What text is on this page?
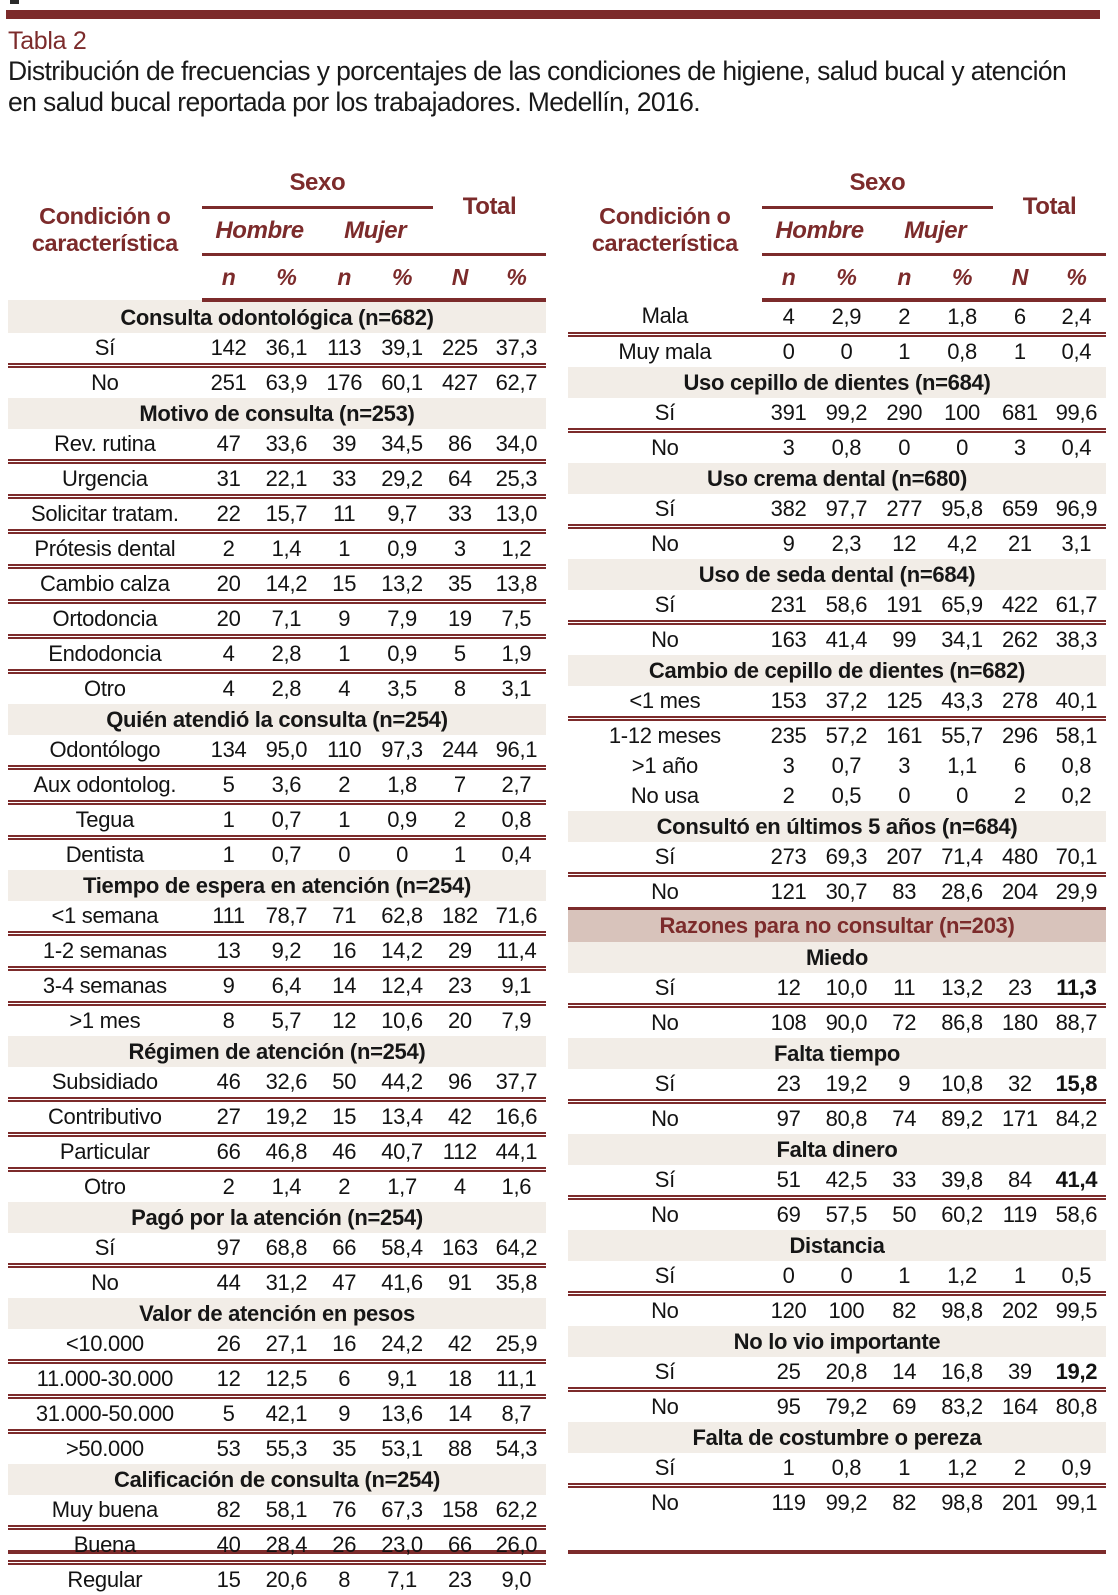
Tabla 2
Distribución de frecuencias y porcentajes de las condiciones de higiene, salud bucal y atención en salud bucal reportada por los trabajadores. Medellín, 2016.
Condición o característica	Sexo				Total	
	Hombre		Mujer			
	n	%	n	%	N	%
Consulta odontológica (n=682)						
Sí	142	36,1	113	39,1	225	37,3
No	251	63,9	176	60,1	427	62,7
Motivo de consulta (n=253)						
Rev. rutina	47	33,6	39	34,5	86	34,0
Urgencia	31	22,1	33	29,2	64	25,3
Solicitar tratam.	22	15,7	11	9,7	33	13,0
Prótesis dental	2	1,4	1	0,9	3	1,2
Cambio calza	20	14,2	15	13,2	35	13,8
Ortodoncia	20	7,1	9	7,9	19	7,5
Endodoncia	4	2,8	1	0,9	5	1,9
Otro	4	2,8	4	3,5	8	3,1
Quién atendió la consulta (n=254)						
Odontólogo	134	95,0	110	97,3	244	96,1
Aux odontolog.	5	3,6	2	1,8	7	2,7
Tegua	1	0,7	1	0,9	2	0,8
Dentista	1	0,7	0	0	1	0,4
Tiempo de espera en atención (n=254)						
<1 semana	111	78,7	71	62,8	182	71,6
1-2 semanas	13	9,2	16	14,2	29	11,4
3-4 semanas	9	6,4	14	12,4	23	9,1
>1 mes	8	5,7	12	10,6	20	7,9
Régimen de atención (n=254)						
Subsidiado	46	32,6	50	44,2	96	37,7
Contributivo	27	19,2	15	13,4	42	16,6
Particular	66	46,8	46	40,7	112	44,1
Otro	2	1,4	2	1,7	4	1,6
Pagó por la atención (n=254)						
Sí	97	68,8	66	58,4	163	64,2
No	44	31,2	47	41,6	91	35,8
Valor de atención en pesos						
<10.000	26	27,1	16	24,2	42	25,9
11.000-30.000	12	12,5	6	9,1	18	11,1
31.000-50.000	5	42,1	9	13,6	14	8,7
>50.000	53	55,3	35	53,1	88	54,3
Calificación de consulta (n=254)						
Muy buena	82	58,1	76	67,3	158	62,2
Buena	40	28,4	26	23,0	66	26,0
Regular	15	20,6	8	7,1	23	9,0
Condición o característica	Sexo				Total	
	Hombre		Mujer			
	n	%	n	%	N	%
Mala	4	2,9	2	1,8	6	2,4
Muy mala	0	0	1	0,8	1	0,4
Uso cepillo de dientes (n=684)						
Sí	391	99,2	290	100	681	99,6
No	3	0,8	0	0	3	0,4
Uso crema dental (n=680)						
Sí	382	97,7	277	95,8	659	96,9
No	9	2,3	12	4,2	21	3,1
Uso de seda dental (n=684)						
Sí	231	58,6	191	65,9	422	61,7
No	163	41,4	99	34,1	262	38,3
Cambio de cepillo de dientes (n=682)						
<1 mes	153	37,2	125	43,3	278	40,1
1-12 meses	235	57,2	161	55,7	296	58,1
>1 año	3	0,7	3	1,1	6	0,8
No usa	2	0,5	0	0	2	0,2
Consultó en últimos 5 años (n=684)						
Sí	273	69,3	207	71,4	480	70,1
No	121	30,7	83	28,6	204	29,9
Razones para no consultar (n=203)						
Miedo						
Sí	12	10,0	11	13,2	23	11,3
No	108	90,0	72	86,8	180	88,7
Falta tiempo						
Sí	23	19,2	9	10,8	32	15,8
No	97	80,8	74	89,2	171	84,2
Falta dinero						
Sí	51	42,5	33	39,8	84	41,4
No	69	57,5	50	60,2	119	58,6
Distancia						
Sí	0	0	1	1,2	1	0,5
No	120	100	82	98,8	202	99,5
No lo vio importante						
Sí	25	20,8	14	16,8	39	19,2
No	95	79,2	69	83,2	164	80,8
Falta de costumbre o pereza						
Sí	1	0,8	1	1,2	2	0,9
No	119	99,2	82	98,8	201	99,1
